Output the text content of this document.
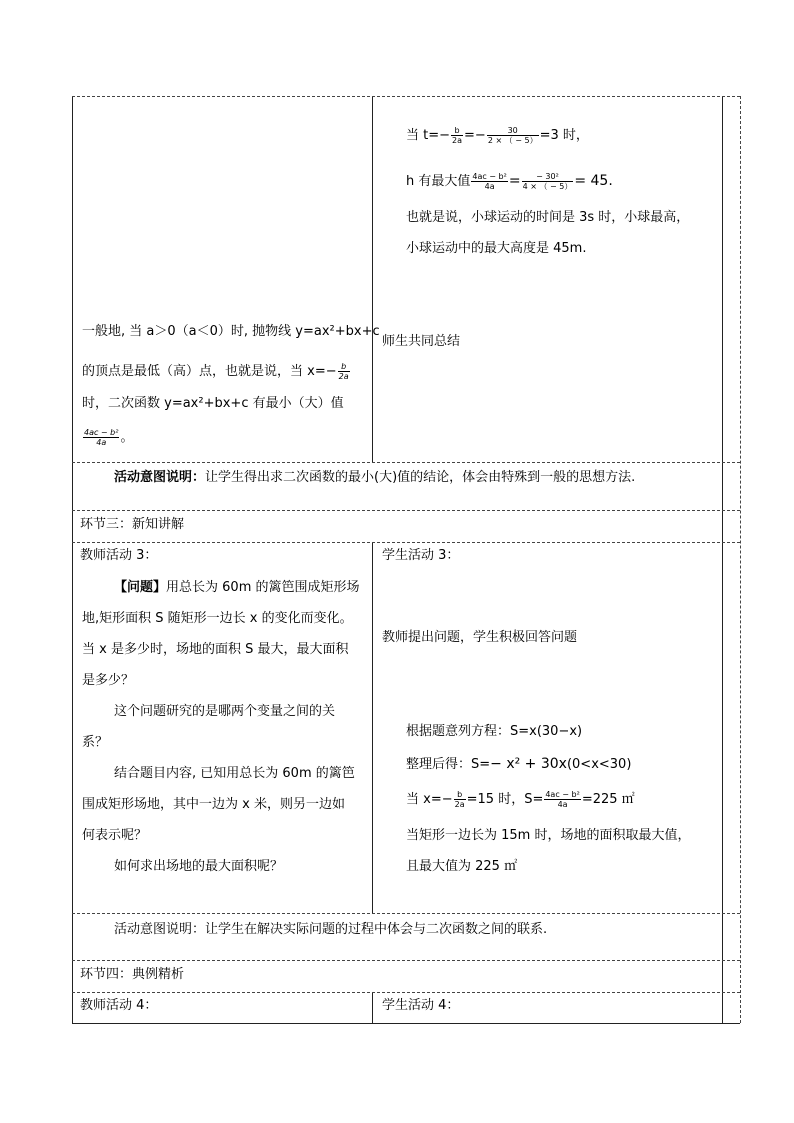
当 $t=- \frac{b}{2a} =- \frac{30}{2 \times ( - 5)} =3$ 时，
h 有最大值 $\frac{\text{4ac − b²}}{4a} = \frac{\text{− 30²}}{4 \times ( - 5)} = 45$.
也就是说，小球运动的时间是 3s 时，小球最高，
小球运动中的最大高度是 45m.
一般地, 当 a＞0（a＜0）时, 抛物线 y=ax²+bx+c
的顶点是最低（高）点，也就是说，当 $x=- \frac{b}{2a}$
时，二次函数 y=ax²+bx+c 有最小（大）值
$\frac{\text{4ac − b²}}{4a}$ 。
师生共同总结
活动意图说明：让学生得出求二次函数的最小(大)值的结论，体会由特殊到一般的思想方法.
环节三：新知讲解
教师活动 3：
【问题】用总长为 60m 的篱笆围成矩形场
地,矩形面积 S 随矩形一边长 x 的变化而变化。
当 x 是多少时，场地的面积 S 最大，最大面积
是多少？
这个问题研究的是哪两个变量之间的关
系？
结合题目内容, 已知用总长为 60m 的篱笆
围成矩形场地，其中一边为 x 米，则另一边如
何表示呢？
如何求出场地的最大面积呢？
学生活动 3：
教师提出问题，学生积极回答问题
根据题意列方程：S=x(30−x)
整理后得：S=− x² + 30x(0<x<30)
当 $x=- \frac{b}{2a} =15$ 时，$S= \frac{\text{4ac − b²}}{4a} =225$ ㎡
当矩形一边长为 15m 时，场地的面积取最大值，
且最大值为 225 ㎡
活动意图说明：让学生在解决实际问题的过程中体会与二次函数之间的联系.
环节四：典例精析
教师活动 4：	学生活动 4：
